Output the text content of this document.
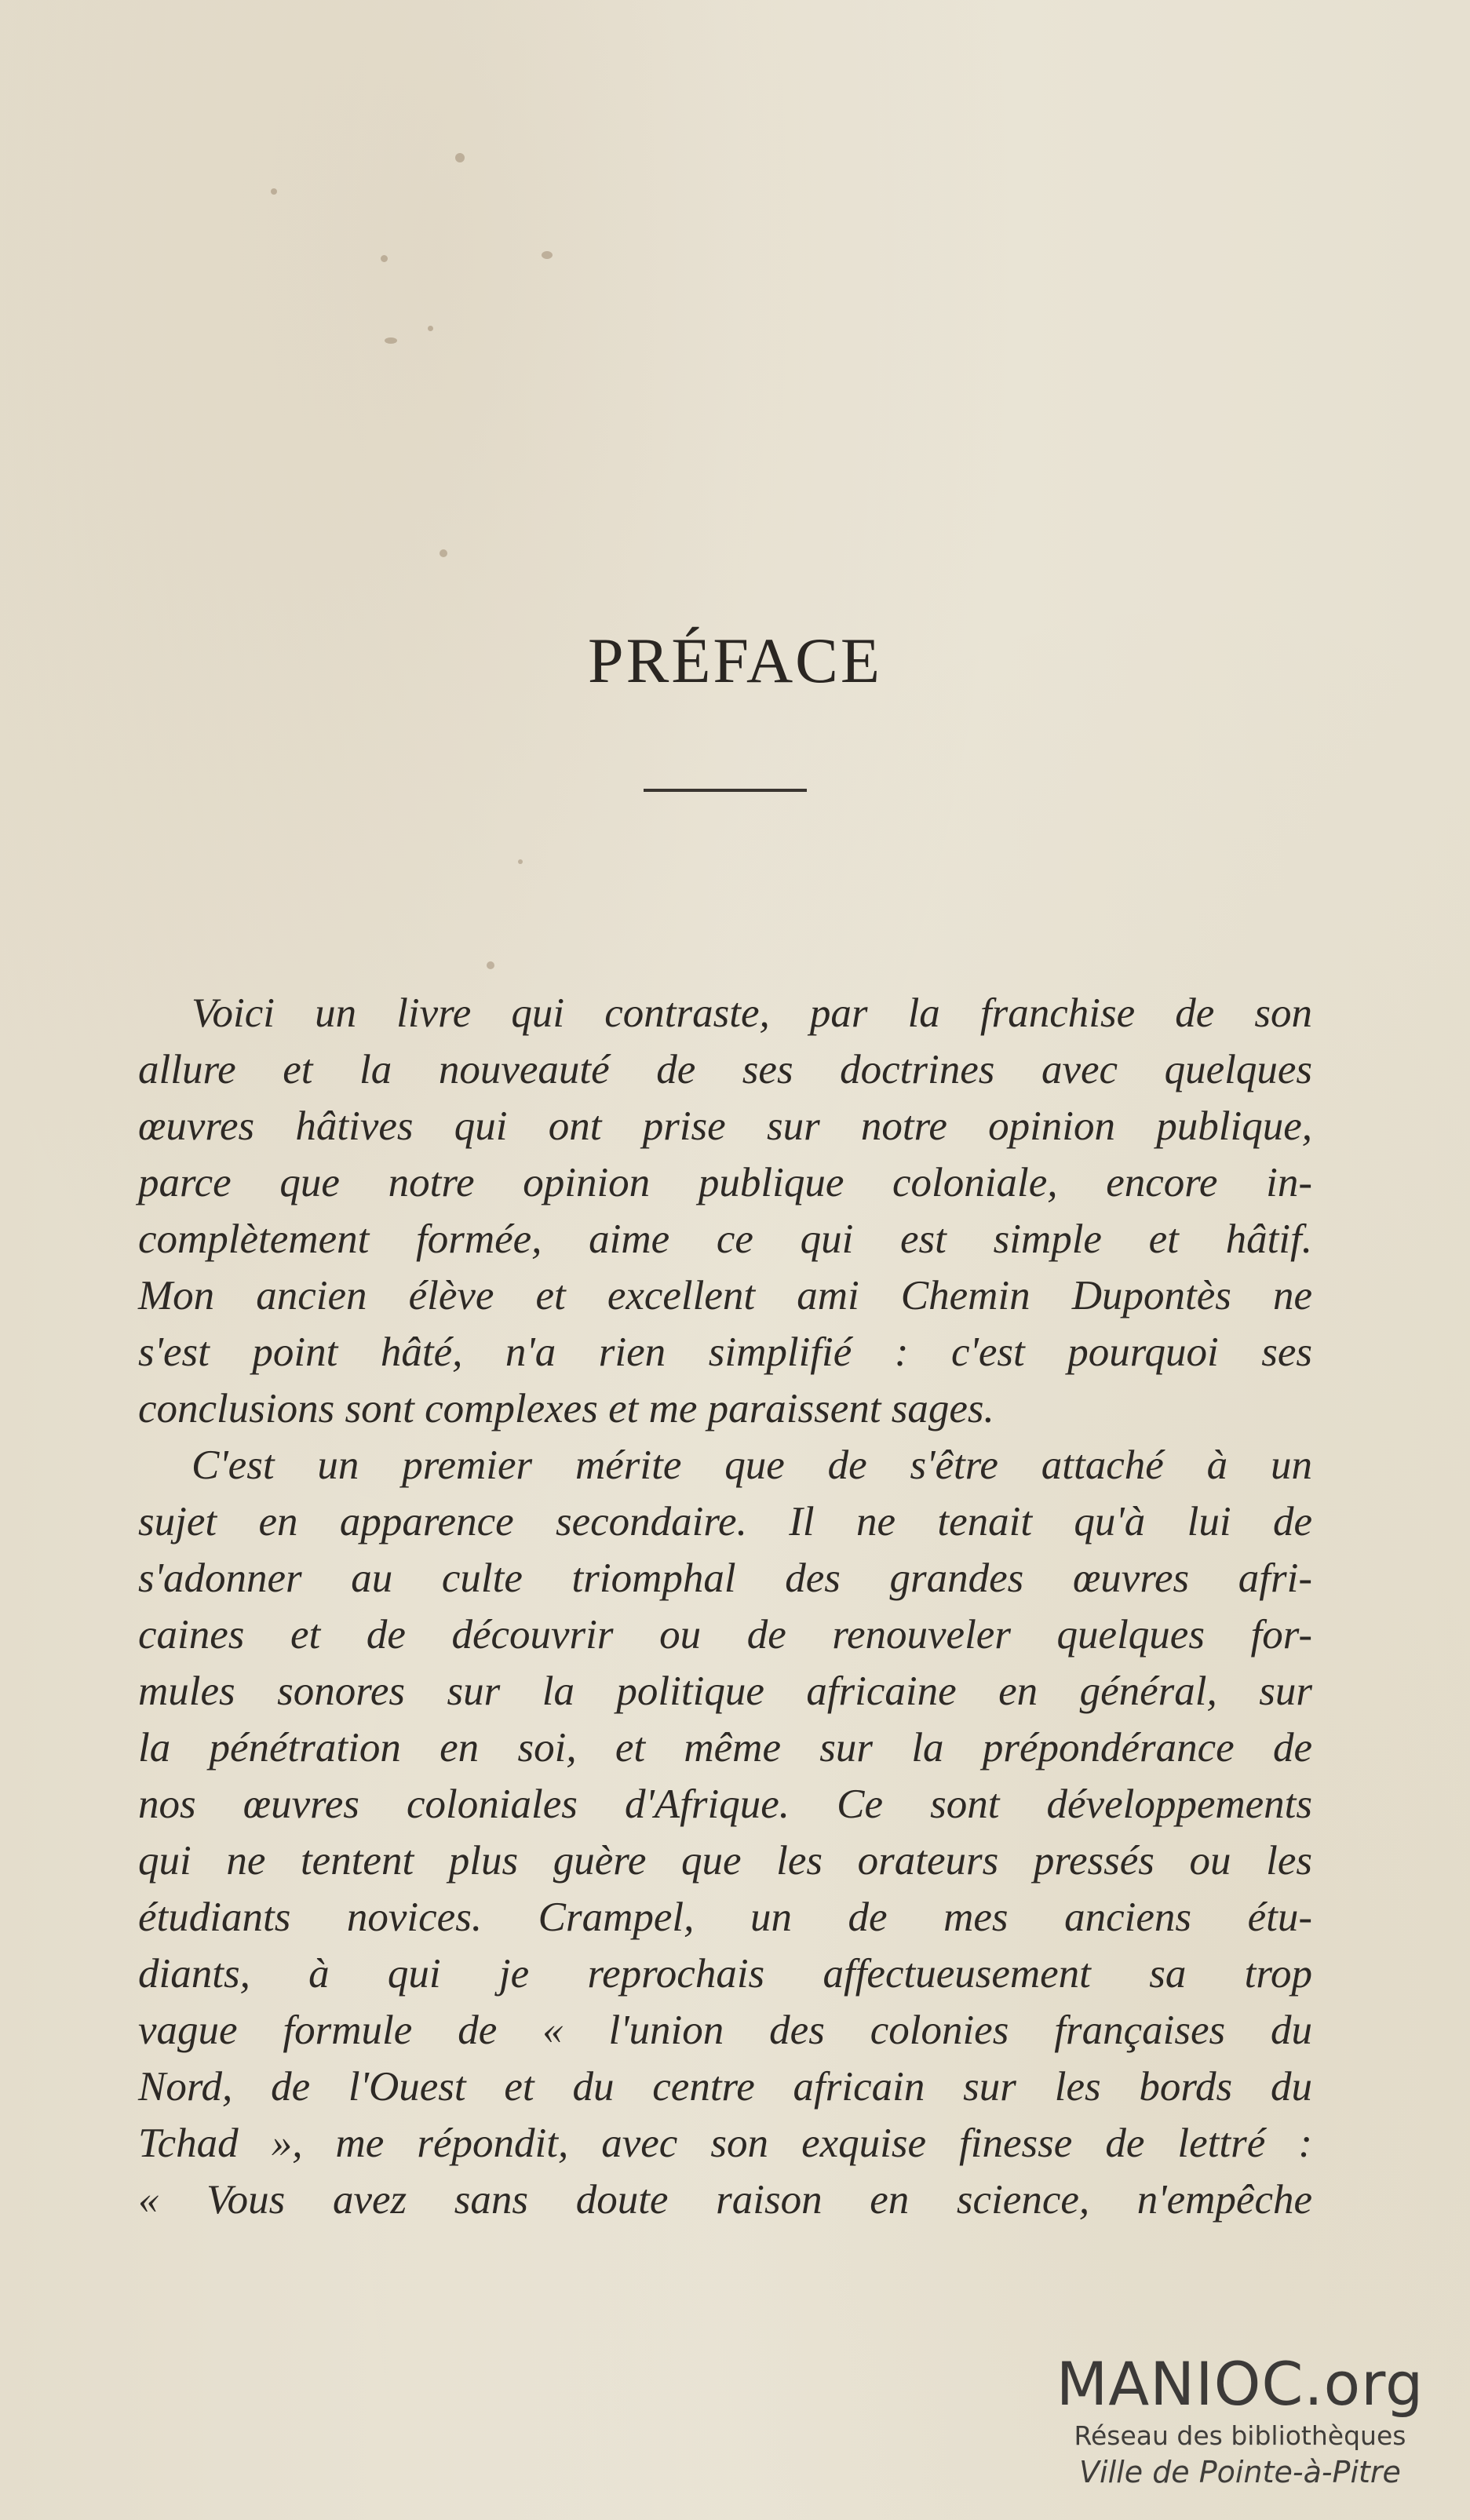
PRÉFACE
Voici un livre qui contraste, par la franchise de son
allure et la nouveauté de ses doctrines avec quelques
œuvres hâtives qui ont prise sur notre opinion publique,
parce que notre opinion publique coloniale, encore in-
complètement formée, aime ce qui est simple et hâtif.
Mon ancien élève et excellent ami Chemin Dupontès ne
s'est point hâté, n'a rien simplifié : c'est pourquoi ses
conclusions sont complexes et me paraissent sages.
C'est un premier mérite que de s'être attaché à un
sujet en apparence secondaire. Il ne tenait qu'à lui de
s'adonner au culte triomphal des grandes œuvres afri-
caines et de découvrir ou de renouveler quelques for-
mules sonores sur la politique africaine en général, sur
la pénétration en soi, et même sur la prépondérance de
nos œuvres coloniales d'Afrique. Ce sont développements
qui ne tentent plus guère que les orateurs pressés ou les
étudiants novices. Crampel, un de mes anciens étu-
diants, à qui je reprochais affectueusement sa trop
vague formule de « l'union des colonies françaises du
Nord, de l'Ouest et du centre africain sur les bords du
Tchad », me répondit, avec son exquise finesse de lettré :
« Vous avez sans doute raison en science, n'empêche
MANIOC.org
Réseau des bibliothèques
Ville de Pointe-à-Pitre
